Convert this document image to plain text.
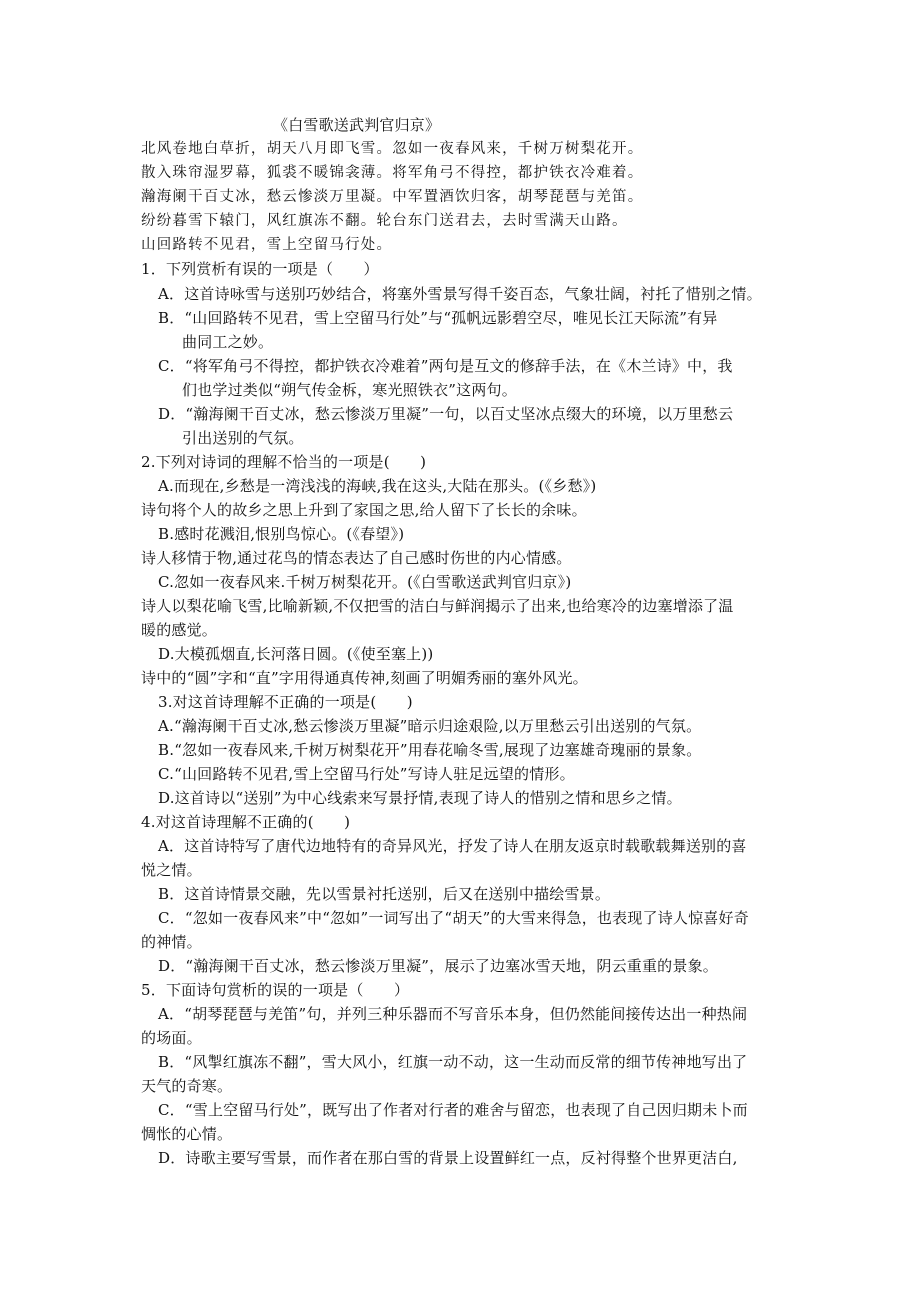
《白雪歌送武判官归京》
北风卷地白草折，胡天八月即飞雪。忽如一夜春风来，千树万树梨花开。
散入珠帘湿罗幕，狐裘不暖锦衾薄。将军角弓不得控，都护铁衣冷难着。
瀚海阑干百丈冰，愁云惨淡万里凝。中军置酒饮归客，胡琴琵琶与羌笛。
纷纷暮雪下辕门，风红旗冻不翻。轮台东门送君去，去时雪满天山路。
山回路转不见君，雪上空留马行处。
1．下列赏析有误的一项是（　　）
A．这首诗咏雪与送别巧妙结合，将塞外雪景写得千姿百态，气象壮阔，衬托了惜别之情。
B．“山回路转不见君，雪上空留马行处”与“孤帆远影碧空尽，唯见长江天际流”有异
曲同工之妙。
C．“将军角弓不得控，都护铁衣冷难着”两句是互文的修辞手法，在《木兰诗》中，我
们也学过类似“朔气传金柝，寒光照铁衣”这两句。
D．“瀚海阑干百丈冰，愁云惨淡万里凝”一句，以百丈坚冰点缀大的环境，以万里愁云
引出送别的气氛。
2.下列对诗词的理解不恰当的一项是(　　)
A.而现在,乡愁是一湾浅浅的海峡,我在这头,大陆在那头。(《乡愁》)
诗句将个人的故乡之思上升到了家国之思,给人留下了长长的余味。
B.感时花溅泪,恨别鸟惊心。(《春望》)
诗人移情于物,通过花鸟的情态表达了自己感时伤世的内心情感。
C.忽如一夜春风来.千树万树梨花开。(《白雪歌送武判官归京》)
诗人以梨花喻飞雪,比喻新颖,不仅把雪的洁白与鲜润揭示了出来,也给寒冷的边塞增添了温
暖的感觉。
D.大模孤烟直,长河落日圆。(《使至塞上))
诗中的“圆”字和“直”字用得通真传神,刻画了明媚秀丽的塞外风光。
3.对这首诗理解不正确的一项是(　　)
A.“瀚海阑干百丈冰,愁云惨淡万里凝”暗示归途艰险,以万里愁云引出送别的气氛。
B.“忽如一夜春风来,千树万树梨花开”用春花喻冬雪,展现了边塞雄奇瑰丽的景象。
C.“山回路转不见君,雪上空留马行处”写诗人驻足远望的情形。
D.这首诗以“送别”为中心线索来写景抒情,表现了诗人的惜别之情和思乡之情。
4.对这首诗理解不正确的(　　)
A．这首诗特写了唐代边地特有的奇异风光，抒发了诗人在朋友返京时载歌载舞送别的喜
悦之情。
B．这首诗情景交融，先以雪景衬托送别，后又在送别中描绘雪景。
C．“忽如一夜春风来”中“忽如”一词写出了“胡天”的大雪来得急，也表现了诗人惊喜好奇
的神情。
D．“瀚海阑干百丈冰，愁云惨淡万里凝”，展示了边塞冰雪天地，阴云重重的景象。
5．下面诗句赏析的误的一项是（　　）
A．“胡琴琵琶与羌笛”句，并列三种乐器而不写音乐本身，但仍然能间接传达出一种热闹
的场面。
B．“风掣红旗冻不翻”，雪大风小，红旗一动不动，这一生动而反常的细节传神地写出了
天气的奇寒。
C．“雪上空留马行处”，既写出了作者对行者的难舍与留恋，也表现了自己因归期未卜而
惆怅的心情。
D．诗歌主要写雪景，而作者在那白雪的背景上设置鲜红一点，反衬得整个世界更洁白,
